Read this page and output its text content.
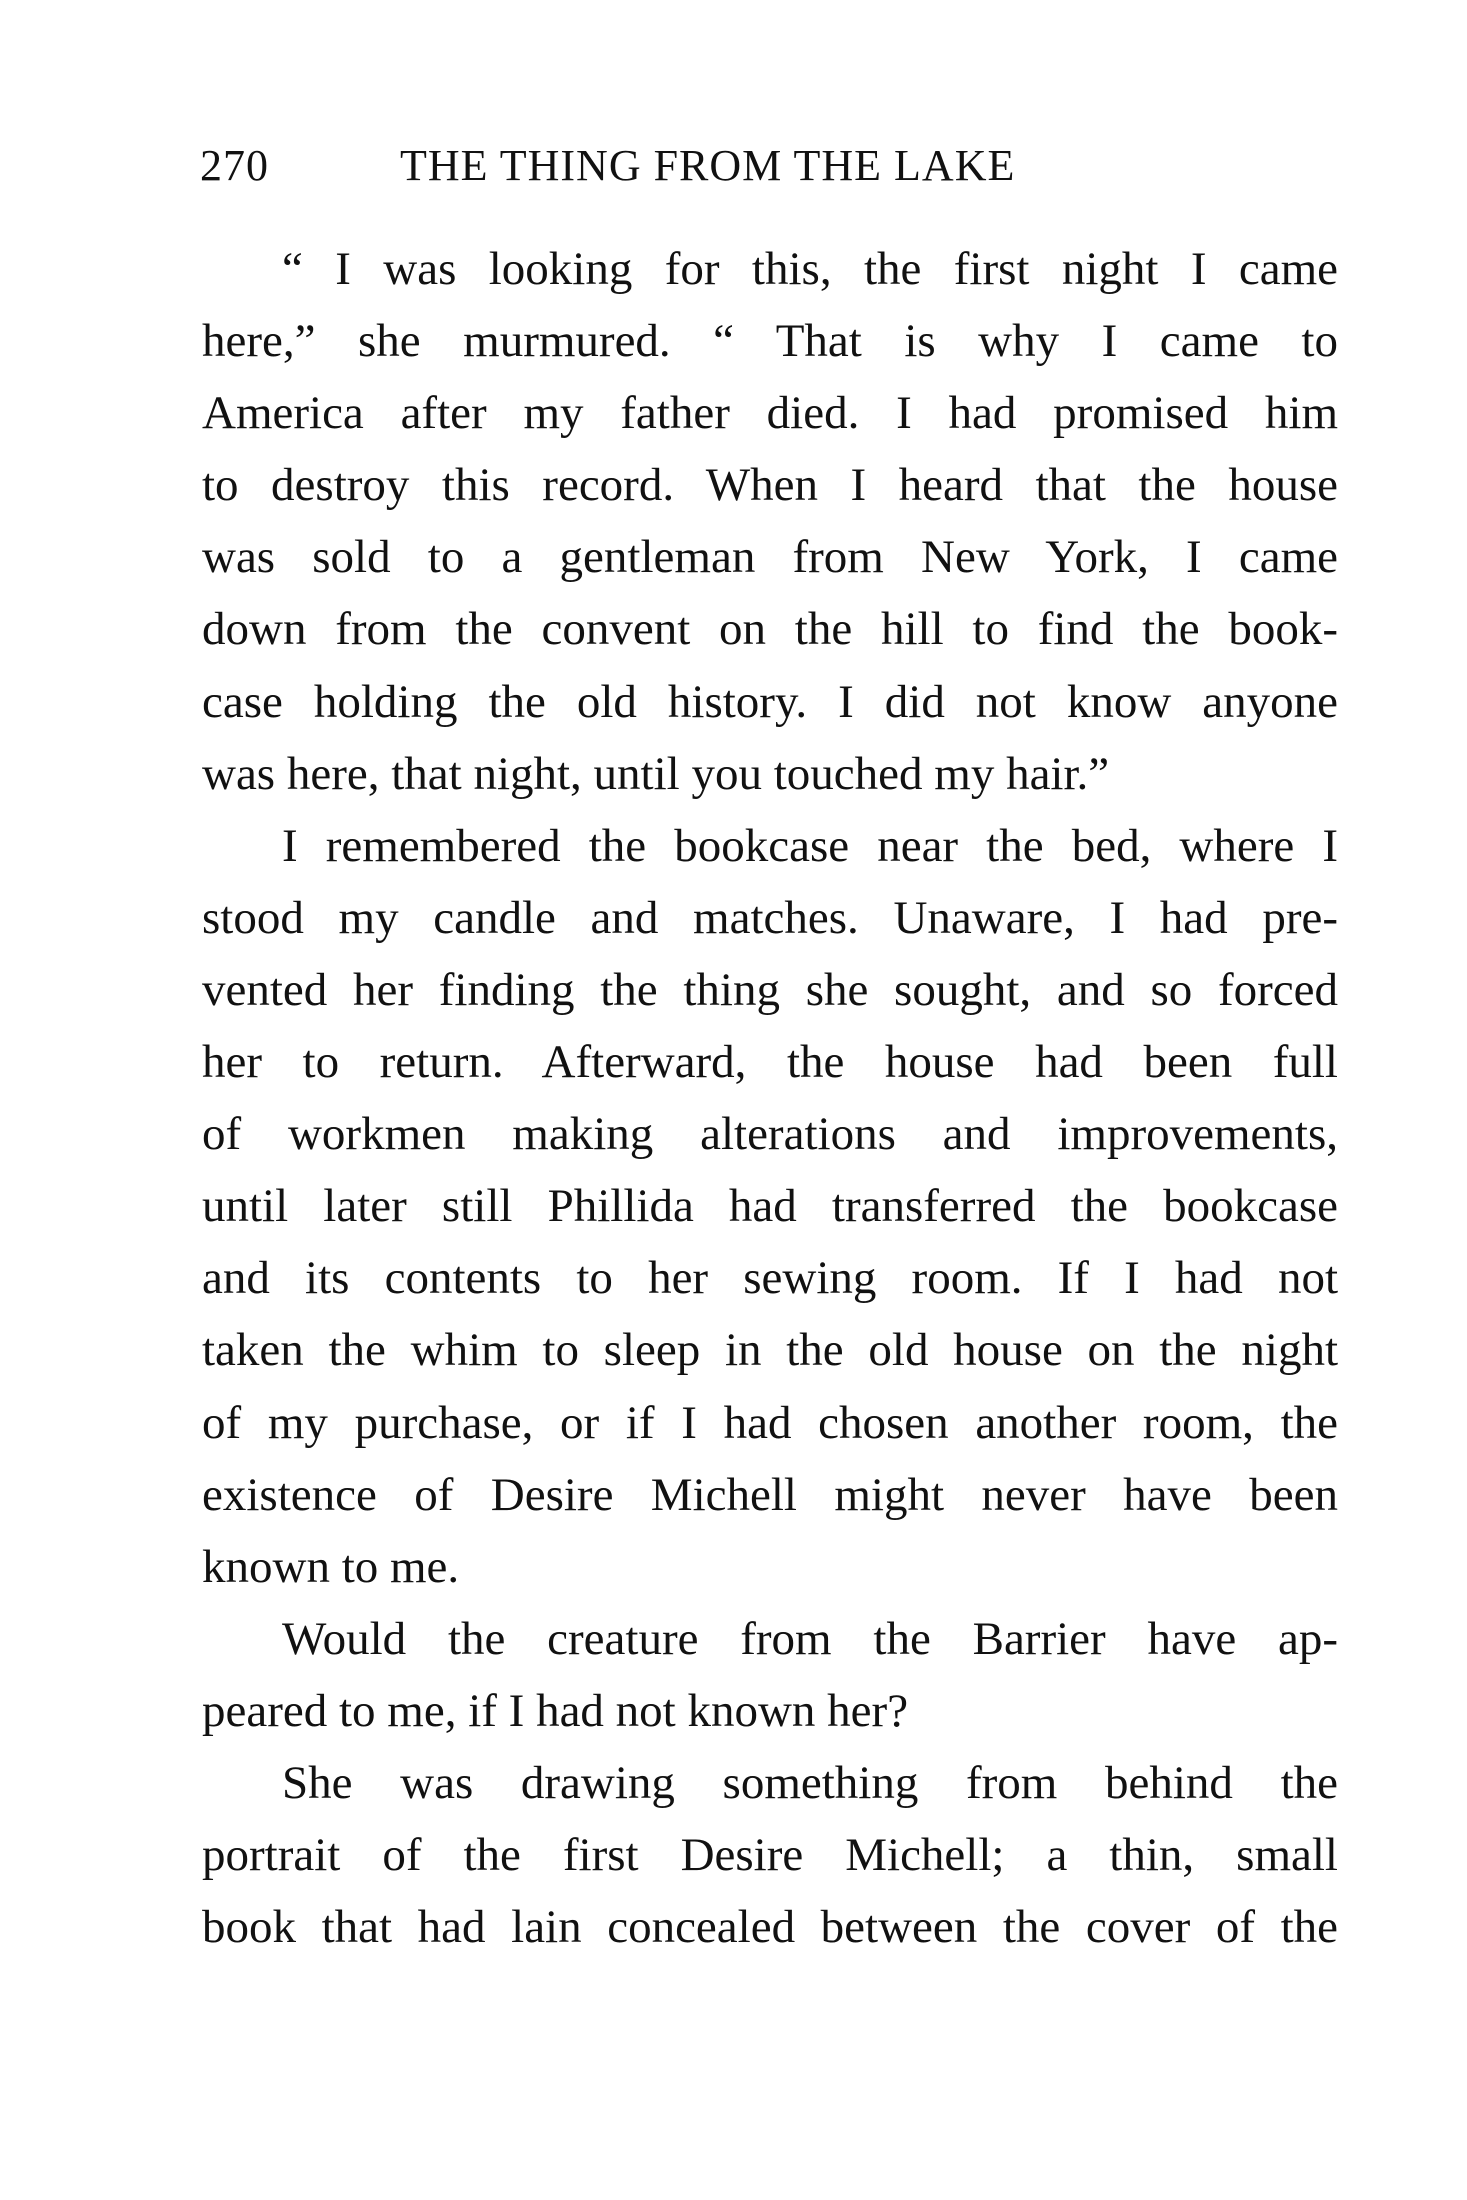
270	THE THING FROM THE LAKE
“ I was looking for this, the first night I came
here,” she murmured. “ That is why I came to
America after my father died. I had promised him
to destroy this record. When I heard that the house
was sold to a gentleman from New York, I came
down from the convent on the hill to find the book-
case holding the old history. I did not know anyone
was here, that night, until you touched my hair.”
I remembered the bookcase near the bed, where I
stood my candle and matches. Unaware, I had pre-
vented her finding the thing she sought, and so forced
her to return. Afterward, the house had been full
of workmen making alterations and improvements,
until later still Phillida had transferred the bookcase
and its contents to her sewing room. If I had not
taken the whim to sleep in the old house on the night
of my purchase, or if I had chosen another room, the
existence of Desire Michell might never have been
known to me.
Would the creature from the Barrier have ap-
peared to me, if I had not known her?
She was drawing something from behind the
portrait of the first Desire Michell; a thin, small
book that had lain concealed between the cover of the
